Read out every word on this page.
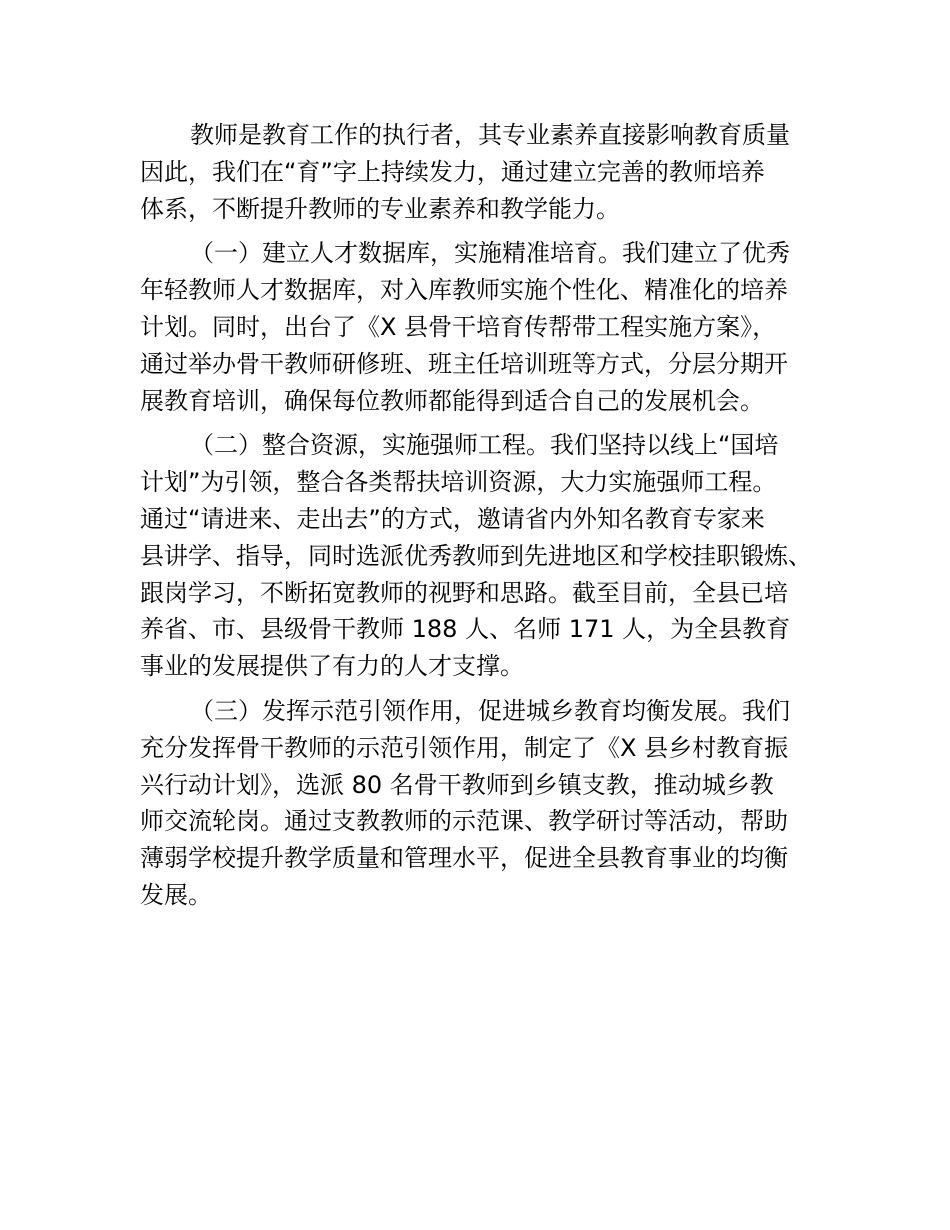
教师是教育工作的执行者，其专业素养直接影响教育质量
因此，我们在“育”字上持续发力，通过建立完善的教师培养
体系，不断提升教师的专业素养和教学能力。

（一）建立人才数据库，实施精准培育。我们建立了优秀
年轻教师人才数据库，对入库教师实施个性化、精准化的培养
计划。同时，出台了《X 县骨干培育传帮带工程实施方案》，
通过举办骨干教师研修班、班主任培训班等方式，分层分期开
展教育培训，确保每位教师都能得到适合自己的发展机会。

（二）整合资源，实施强师工程。我们坚持以线上“国培
计划”为引领，整合各类帮扶培训资源，大力实施强师工程。
通过“请进来、走出去”的方式，邀请省内外知名教育专家来
县讲学、指导，同时选派优秀教师到先进地区和学校挂职锻炼、
跟岗学习，不断拓宽教师的视野和思路。截至目前，全县已培
养省、市、县级骨干教师 188 人、名师 171 人，为全县教育
事业的发展提供了有力的人才支撑。

（三）发挥示范引领作用，促进城乡教育均衡发展。我们
充分发挥骨干教师的示范引领作用，制定了《X 县乡村教育振
兴行动计划》，选派 80 名骨干教师到乡镇支教，推动城乡教
师交流轮岗。通过支教教师的示范课、教学研讨等活动，帮助
薄弱学校提升教学质量和管理水平，促进全县教育事业的均衡
发展。
